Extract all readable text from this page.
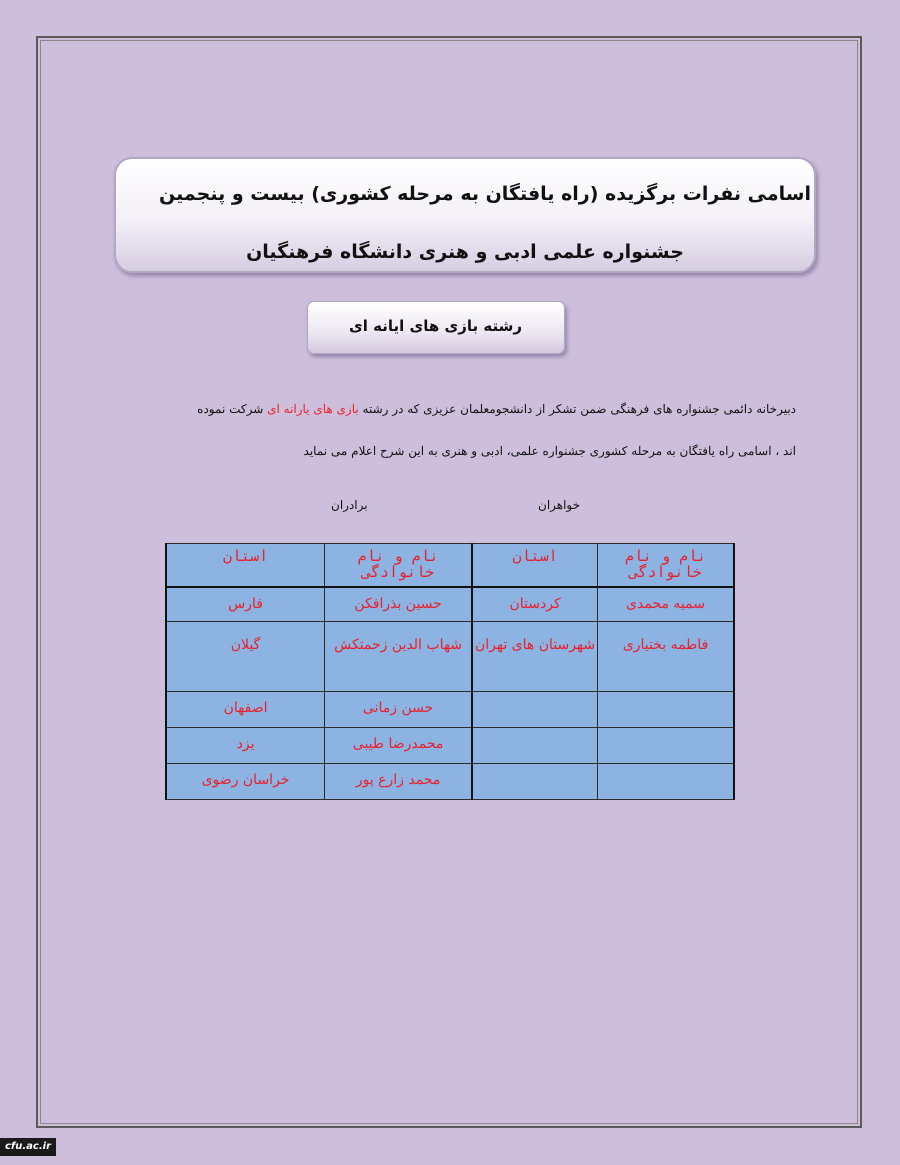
اسامی نفرات برگزیده (راه یافتگان به مرحله کشوری) بیست و پنجمین
جشنواره علمی ادبی و هنری دانشگاه فرهنگیان
رشته بازی های ایانه ای
دبیرخانه دائمی جشنواره های فرهنگی ضمن تشکر از دانشجومعلمان عزیزی که در رشته بازی های یارانه ای شرکت نموده
اند ، اسامی راه یافتگان به مرحله کشوری جشنواره علمی، ادبی و هنری به این شرح اعلام می نماید
خواهران
برادران
نام و نام خانوادگی	استان	نام و نام خانوادگی	استان
سمیه محمدی	کردستان	حسین بذرافکن	فارس
فاطمه بختیاری	شهرستان های تهران	شهاب الدین زحمتکش	گیلان
		حسن زمانی	اصفهان
		محمدرضا طیبی	یزد
		محمد زارع پور	خراسان رضوی
cfu.ac.ir
